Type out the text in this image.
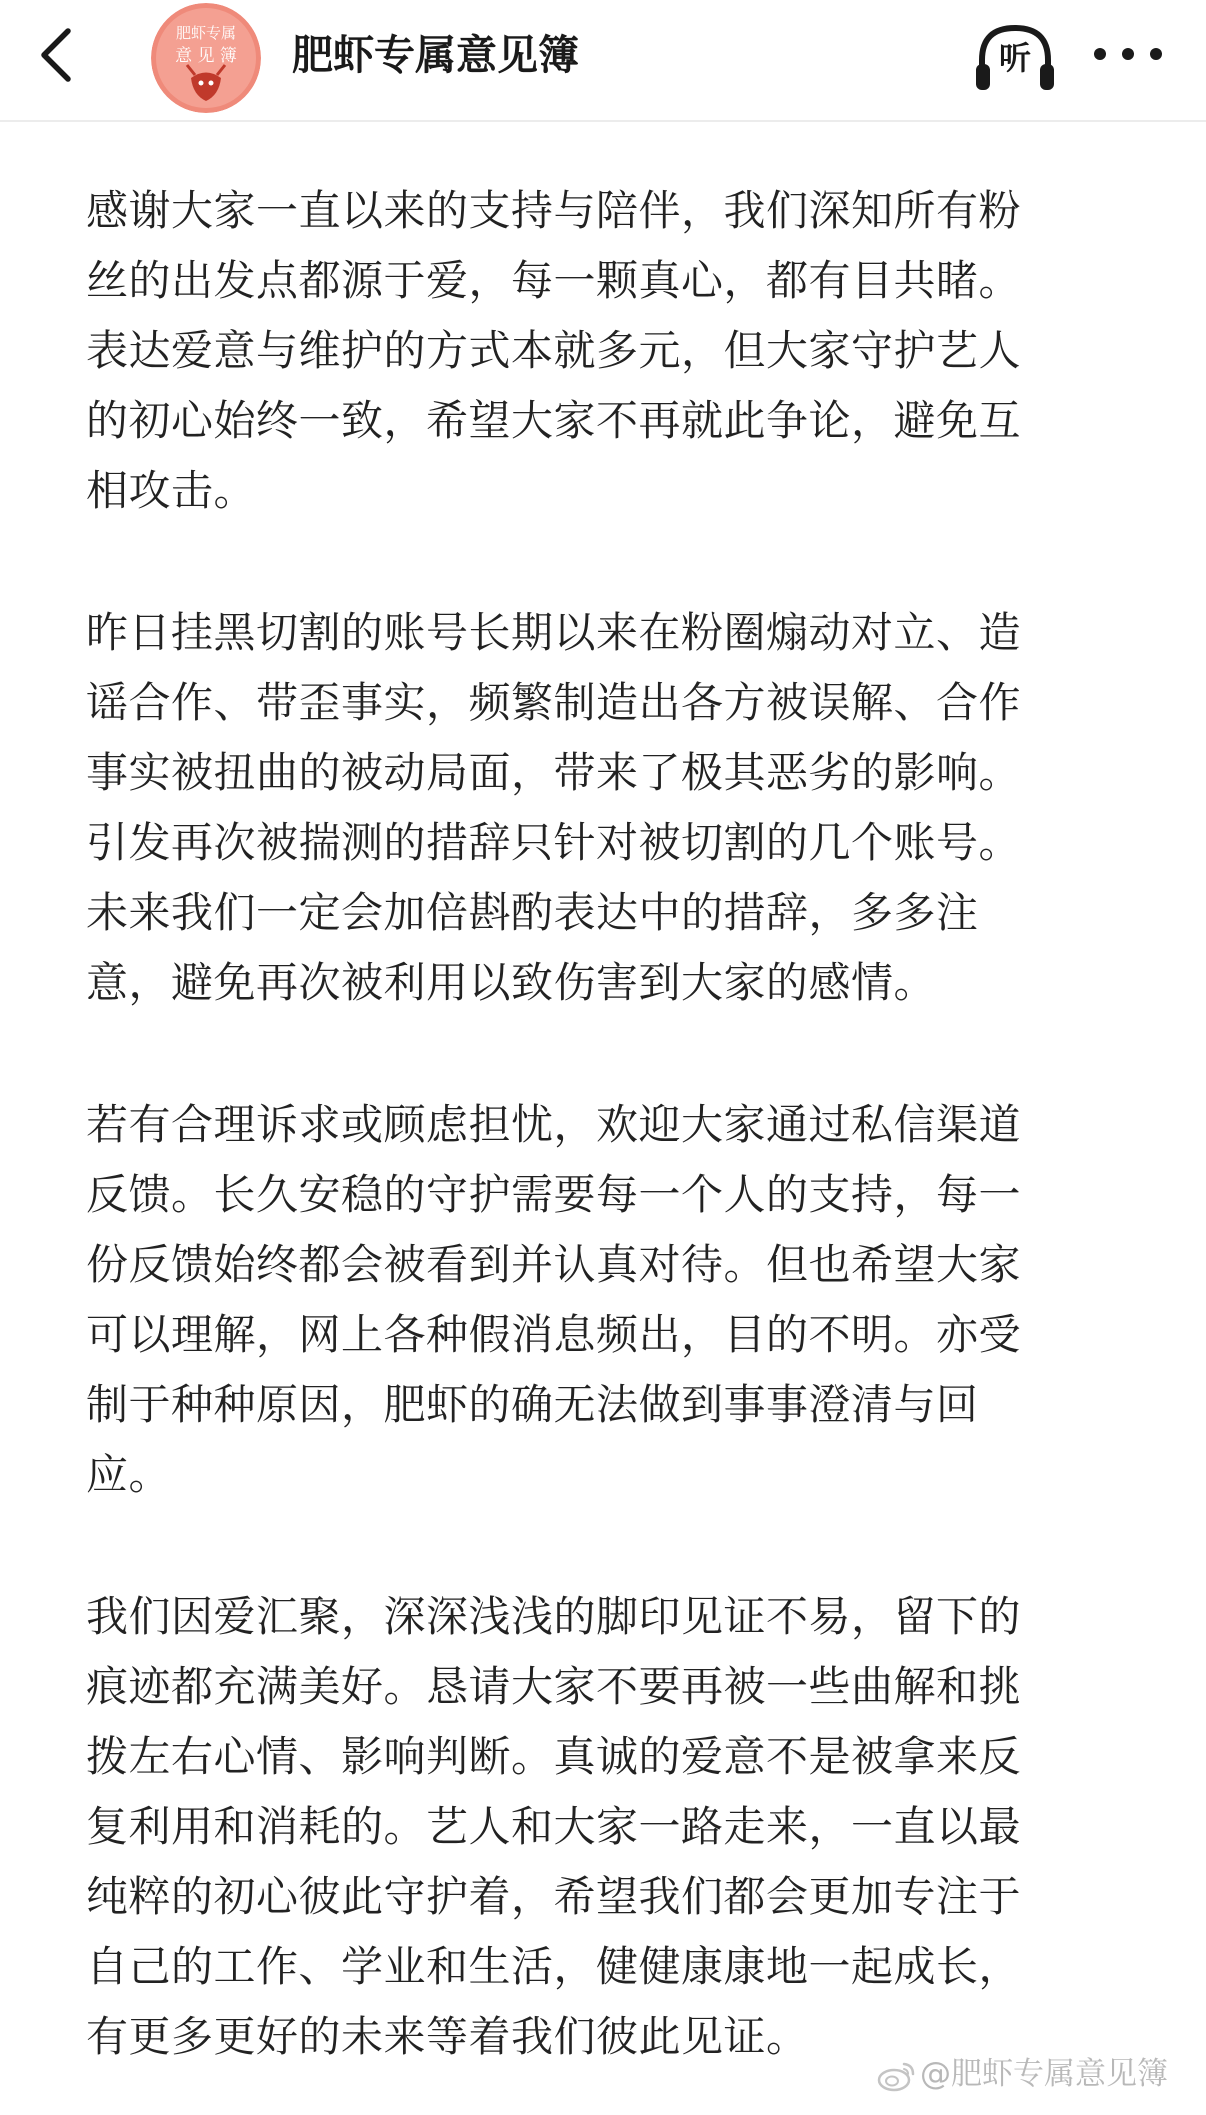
肥虾专属
意 见 簿 肥虾专属意见簿	听

感谢大家一直以来的支持与陪伴，我们深知所有粉
丝的出发点都源于爱，每一颗真心，都有目共睹。
表达爱意与维护的方式本就多元，但大家守护艺人
的初心始终一致，希望大家不再就此争论，避免互
相攻击。

昨日挂黑切割的账号长期以来在粉圈煽动对立、造
谣合作、带歪事实，频繁制造出各方被误解、合作
事实被扭曲的被动局面，带来了极其恶劣的影响。
引发再次被揣测的措辞只针对被切割的几个账号。
未来我们一定会加倍斟酌表达中的措辞，多多注
意，避免再次被利用以致伤害到大家的感情。

若有合理诉求或顾虑担忧，欢迎大家通过私信渠道
反馈。长久安稳的守护需要每一个人的支持，每一
份反馈始终都会被看到并认真对待。但也希望大家
可以理解，网上各种假消息频出，目的不明。亦受
制于种种原因，肥虾的确无法做到事事澄清与回
应。

我们因爱汇聚，深深浅浅的脚印见证不易，留下的
痕迹都充满美好。恳请大家不要再被一些曲解和挑
拨左右心情、影响判断。真诚的爱意不是被拿来反
复利用和消耗的。艺人和大家一路走来，一直以最
纯粹的初心彼此守护着，希望我们都会更加专注于
自己的工作、学业和生活，健健康康地一起成长，
有更多更好的未来等着我们彼此见证。

@肥虾专属意见簿
